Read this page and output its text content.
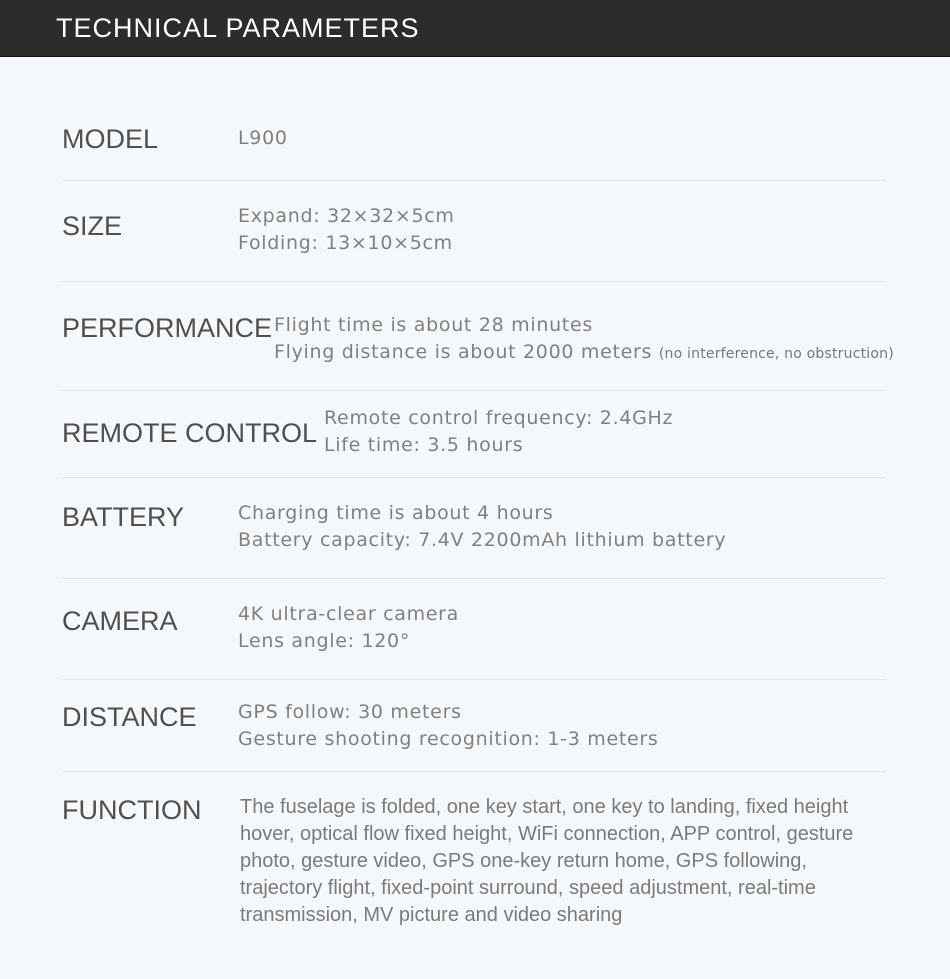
TECHNICAL PARAMETERS
MODEL	L900
SIZE	Expand: 32×32×5cm
Folding: 13×10×5cm
PERFORMANCE Flight time is about 28 minutes
Flying distance is about 2000 meters (no interference, no obstruction)
REMOTE CONTROL Remote control frequency: 2.4GHz
Life time: 3.5 hours
BATTERY	Charging time is about 4 hours
Battery capacity: 7.4V 2200mAh lithium battery
CAMERA	4K ultra-clear camera
Lens angle: 120°
DISTANCE GPS follow: 30 meters
Gesture shooting recognition: 1-3 meters
FUNCTION The fuselage is folded, one key start, one key to landing, fixed height hover, optical flow fixed height, WiFi connection, APP control, gesture photo, gesture video, GPS one-key return home, GPS following, trajectory flight, fixed-point surround, speed adjustment, real-time transmission, MV picture and video sharing
